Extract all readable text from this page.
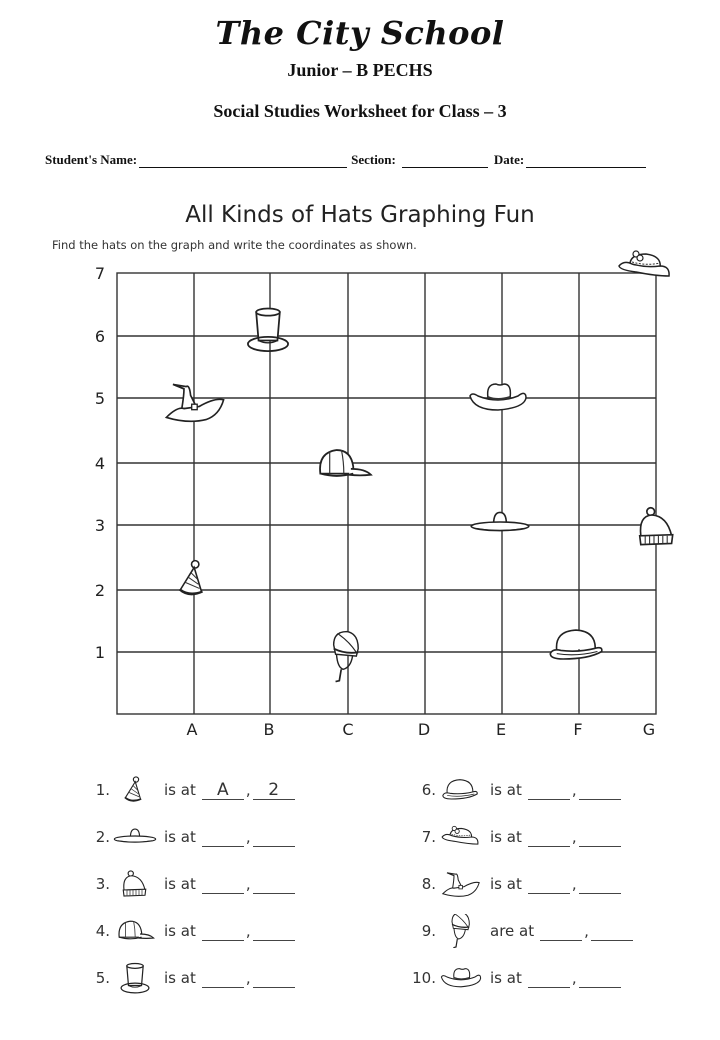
The City School
Junior – B PECHS
Social Studies Worksheet for Class – 3
Student's Name:	Section:	Date:
All Kinds of Hats Graphing Fun
Find the hats on the graph and write the coordinates as shown.
7
6
5
4
3
2
1
A	B	C	D	E	F	G
1.	is at	A	,	2
2.	is at	,
3.	is at	,
4.	is at	,
5.	is at	,
6.	is at	,
7.	is at	,
8.	is at	,
9.	are at	,
10.	is at	,
